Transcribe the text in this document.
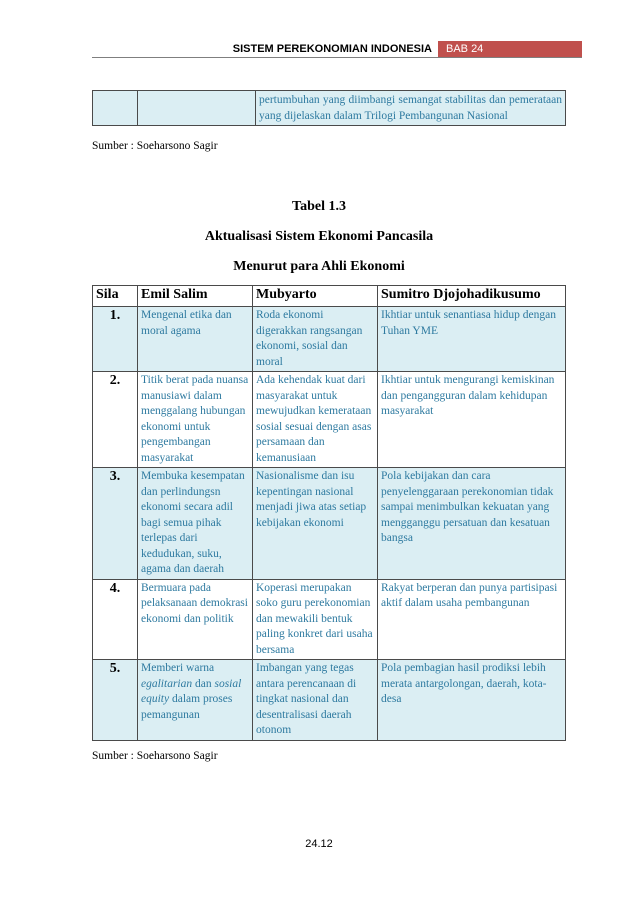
SISTEM PEREKONOMIAN INDONESIA	BAB 24
		pertumbuhan yang diimbangi semangat stabilitas dan pemerataan yang dijelaskan dalam Trilogi Pembangunan Nasional
Sumber : Soeharsono Sagir
Tabel 1.3
Aktualisasi Sistem Ekonomi Pancasila
Menurut para Ahli Ekonomi
Sila	Emil Salim	Mubyarto	Sumitro Djojohadikusumo
1.	Mengenal etika dan moral agama	Roda ekonomi digerakkan rangsangan ekonomi, sosial dan moral	Ikhtiar untuk senantiasa hidup dengan Tuhan YME
2.	Titik berat pada nuansa manusiawi dalam menggalang hubungan ekonomi untuk pengembangan masyarakat	Ada kehendak kuat dari masyarakat untuk mewujudkan kemerataan sosial sesuai dengan asas persamaan dan kemanusiaan	Ikhtiar untuk mengurangi kemiskinan dan pengangguran dalam kehidupan masyarakat
3.	Membuka kesempatan dan perlindungsn ekonomi secara adil bagi semua pihak terlepas dari kedudukan, suku, agama dan daerah	Nasionalisme dan isu kepentingan nasional menjadi jiwa atas setiap kebijakan ekonomi	Pola kebijakan dan cara penyelenggaraan perekonomian tidak sampai menimbulkan kekuatan yang mengganggu persatuan dan kesatuan bangsa
4.	Bermuara pada pelaksanaan demokrasi ekonomi dan politik	Koperasi merupakan soko guru perekonomian dan mewakili bentuk paling konkret dari usaha bersama	Rakyat berperan dan punya partisipasi aktif dalam usaha pembangunan
5.	Memberi warna egalitarian dan sosial equity dalam proses pemangunan	Imbangan yang tegas antara perencanaan di tingkat nasional dan desentralisasi daerah otonom	Pola pembagian hasil prodiksi lebih merata antargolongan, daerah, kota-desa
Sumber : Soeharsono Sagir
24.12
